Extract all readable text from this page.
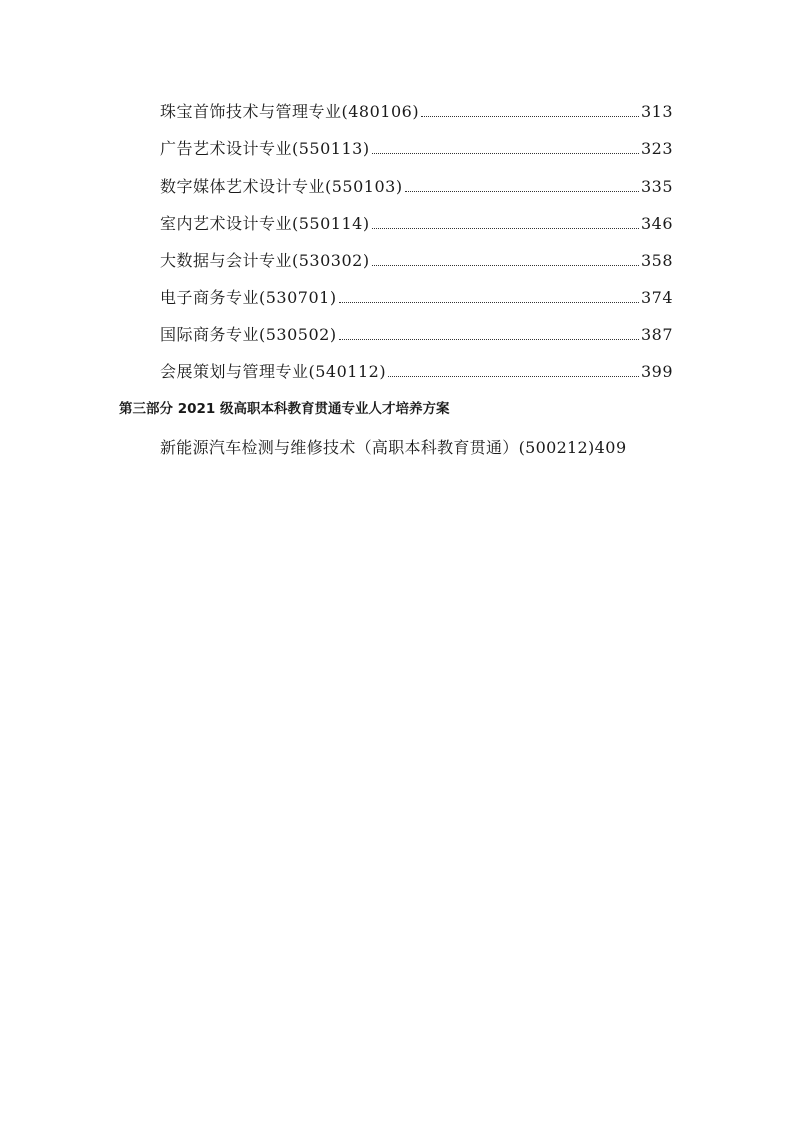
珠宝首饰技术与管理专业(480106)	313
广告艺术设计专业(550113)	323
数字媒体艺术设计专业(550103)	335
室内艺术设计专业(550114)	346
大数据与会计专业(530302)	358
电子商务专业(530701)	374
国际商务专业(530502)	387
会展策划与管理专业(540112)	399
第三部分 2021 级高职本科教育贯通专业人才培养方案
新能源汽车检测与维修技术（高职本科教育贯通）(500212) 409
